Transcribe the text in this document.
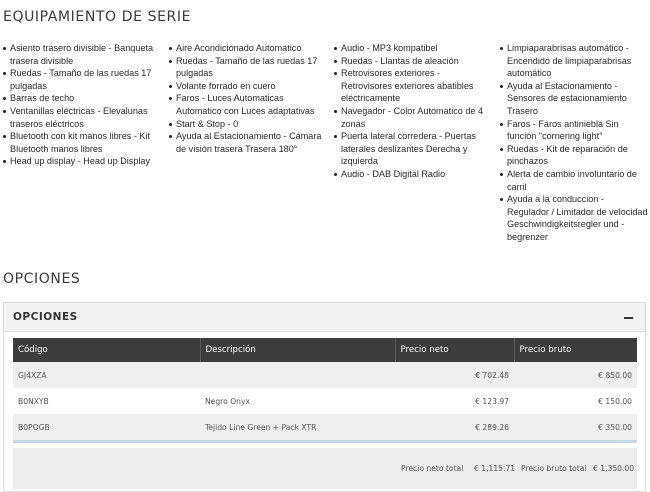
EQUIPAMIENTO DE SERIE
Asiento trasero divisible - Banqueta trasera divisible
Ruedas - Tamaño de las ruedas 17 pulgadas
Barras de techo
Ventanillas eléctricas - Elevalunas traseros eléctricos
Bluetooth con kit manos libres - Kit Bluetooth manos libres
Head up display - Head up Display
Aire Acondicionado Automatico
Ruedas - Tamaño de las ruedas 17 pulgadas
Volante forrado en cuero
Faros - Luces Automaticas Automatico con Luces adaptativas
Start & Stop - 0
Ayuda al Estacionamiento - Cámara de visión trasera Trasera 180°
Audio - MP3 kompatibel
Ruedas - Llantas de aleación
Retrovisores exteriores - Retrovisores exteriores abatibles eléctricamente
Navegador - Color Automatico de 4 zonas
Puerta lateral corredera - Puertas laterales deslizantes Derecha y izquierda
Audio - DAB Digital Radio
Limpiaparabrisas automático - Encendido de limpiaparabrisas automático
Ayuda al Estacionamiento - Sensores de estacionamiento Trasero
Faros - Faros antiniebla Sin función "cornering light"
Ruedas - Kit de reparación de pinchazos
Alerta de cambio involuntario de carril
Ayuda a la conduccion - Regulador / Limitador de velocidad Geschwindigkeitsregler und - begrenzer
OPCIONES
OPCIONES
Código	Descripción	Precio neto	Precio bruto
GJ4XZA		€ 702.48	€ 850.00
B0NXYB	Negro Onyx	€ 123.97	€ 150.00
B0POGB	Tejido Line Green + Pack XTR	€ 289.26	€ 350.00

Precio neto total € 1,115.71 Precio bruto total € 1,350.00
